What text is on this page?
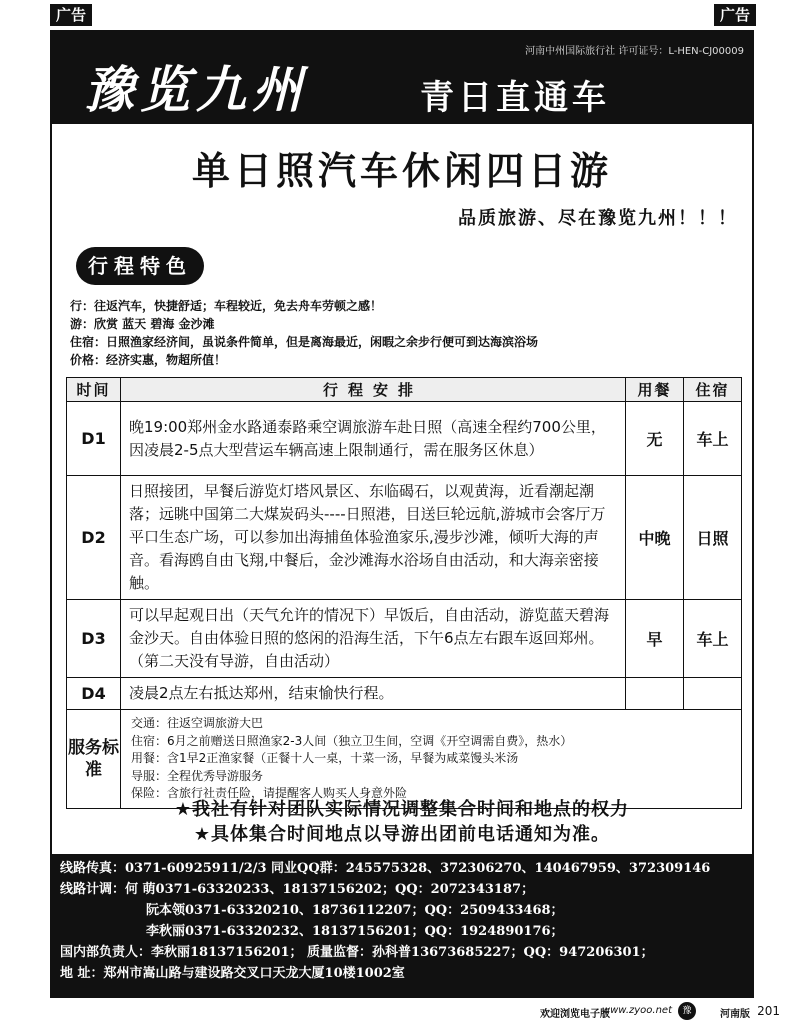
广告	广告
河南中州国际旅行社 许可证号：L-HEN-CJ00009
豫览九州	青日直通车
单日照汽车休闲四日游
品质旅游、尽在豫览九州！！！
行程特色
行：往返汽车，快捷舒适；车程较近，免去舟车劳顿之感！
游：欣赏 蓝天 碧海 金沙滩
住宿：日照渔家经济间，虽说条件简单，但是离海最近，闲暇之余步行便可到达海滨浴场
价格：经济实惠，物超所值！
时间	行程安排	用餐	住宿
D1	晚19:00郑州金水路通泰路乘空调旅游车赴日照（高速全程约700公里，因凌晨2-5点大型营运车辆高速上限制通行，需在服务区休息）	无	车上
D2	日照接团，早餐后游览灯塔风景区、东临碣石，以观黄海，近看潮起潮落；远眺中国第二大煤炭码头----日照港，目送巨轮远航,游城市会客厅万平口生态广场，可以参加出海捕鱼体验渔家乐,漫步沙滩，倾听大海的声音。看海鸥自由飞翔,中餐后，金沙滩海水浴场自由活动，和大海亲密接触。	中晚	日照
D3	可以早起观日出（天气允许的情况下）早饭后，自由活动，游览蓝天碧海金沙天。自由体验日照的悠闲的沿海生活，下午6点左右跟车返回郑州。（第二天没有导游，自由活动）	早	车上
D4	凌晨2点左右抵达郑州，结束愉快行程。		
服务标准	交通：往返空调旅游大巴
住宿：6月之前赠送日照渔家2-3人间（独立卫生间，空调《开空调需自费》，热水）
用餐：含1早2正渔家餐（正餐十人一桌，十菜一汤，早餐为咸菜馒头米汤
导服：全程优秀导游服务
保险：含旅行社责任险，请提醒客人购买人身意外险		
★我社有针对团队实际情况调整集合时间和地点的权力
★具体集合时间地点以导游出团前电话通知为准。
线路传真：0371-60925911/2/3 同业QQ群：245575328、372306270、140467959、372309146
线路计调：何 萌0371-63320233、18137156202；QQ：2072343187；
阮本领0371-63320210、18736112207；QQ：2509433468；
李秋丽0371-63320232、18137156201；QQ：1924890176；
国内部负责人：李秋丽18137156201； 质量监督：孙科普13673685227；QQ：947206301；
地 址：郑州市嵩山路与建设路交叉口天龙大厦10楼1002室
欢迎浏览电子版
www.zyoo.net	豫	河南版 201
